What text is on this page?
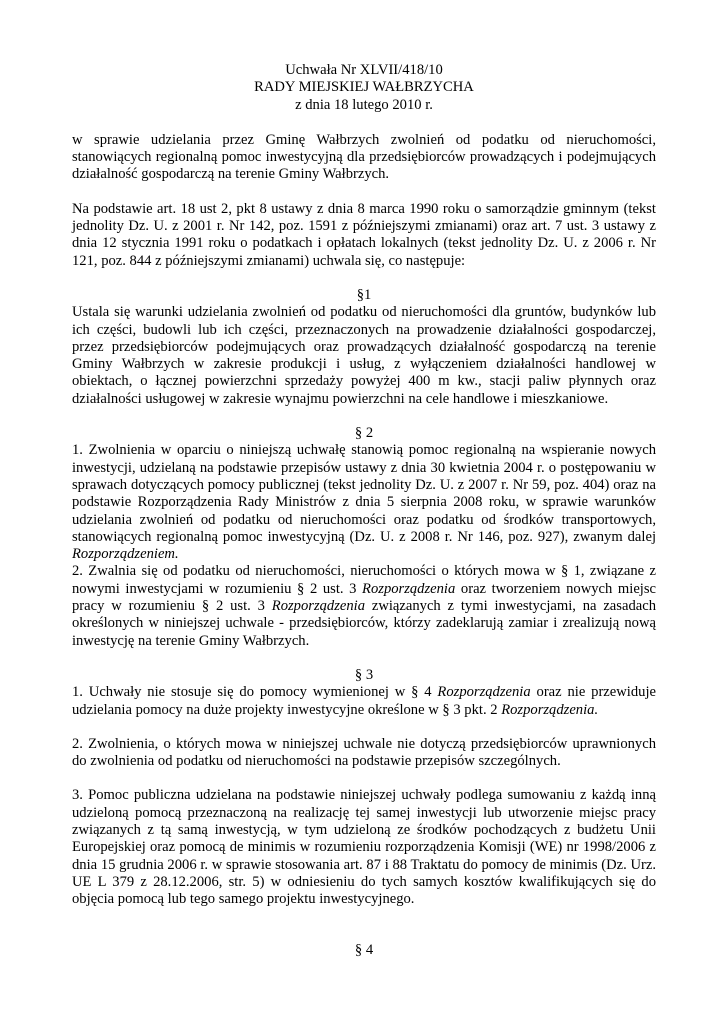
Uchwała Nr XLVII/418/10
RADY MIEJSKIEJ WAŁBRZYCHA
z dnia 18 lutego 2010 r.

w sprawie udzielania przez Gminę Wałbrzych zwolnień od podatku od nieruchomości, stanowiących regionalną pomoc inwestycyjną dla przedsiębiorców prowadzących i podejmujących działalność gospodarczą na terenie Gminy Wałbrzych.

Na podstawie art. 18 ust 2, pkt 8 ustawy z dnia 8 marca 1990 roku o samorządzie gminnym (tekst jednolity Dz. U. z 2001 r. Nr 142, poz. 1591 z późniejszymi zmianami) oraz art. 7 ust. 3 ustawy z dnia 12 stycznia 1991 roku o podatkach i opłatach lokalnych (tekst jednolity Dz. U. z 2006 r. Nr 121, poz. 844 z późniejszymi zmianami) uchwala się, co następuje:

§1

Ustala się warunki udzielania zwolnień od podatku od nieruchomości dla gruntów, budynków lub ich części, budowli lub ich części, przeznaczonych na prowadzenie działalności gospodarczej, przez przedsiębiorców podejmujących oraz prowadzących działalność gospodarczą na terenie Gminy Wałbrzych w zakresie produkcji i usług, z wyłączeniem działalności handlowej w obiektach, o łącznej powierzchni sprzedaży powyżej 400 m kw., stacji paliw płynnych oraz działalności usługowej w zakresie wynajmu powierzchni na cele handlowe i mieszkaniowe.

§ 2

1. Zwolnienia w oparciu o niniejszą uchwałę stanowią pomoc regionalną na wspieranie nowych inwestycji, udzielaną na podstawie przepisów ustawy z dnia 30 kwietnia 2004 r. o postępowaniu w sprawach dotyczących pomocy publicznej (tekst jednolity Dz. U. z 2007 r. Nr 59, poz. 404) oraz na podstawie Rozporządzenia Rady Ministrów z dnia 5 sierpnia 2008 roku, w sprawie warunków udzielania zwolnień od podatku od nieruchomości oraz podatku od środków transportowych, stanowiących regionalną pomoc inwestycyjną (Dz. U. z 2008 r. Nr 146, poz. 927), zwanym dalej Rozporządzeniem.

2. Zwalnia się od podatku od nieruchomości, nieruchomości o których mowa w § 1, związane z nowymi inwestycjami w rozumieniu § 2 ust. 3 Rozporządzenia oraz tworzeniem nowych miejsc pracy w rozumieniu § 2 ust. 3 Rozporządzenia związanych z tymi inwestycjami, na zasadach określonych w niniejszej uchwale - przedsiębiorców, którzy zadeklarują zamiar i zrealizują nową inwestycję na terenie Gminy Wałbrzych.

§ 3

1. Uchwały nie stosuje się do pomocy wymienionej w § 4 Rozporządzenia oraz nie przewiduje udzielania pomocy na duże projekty inwestycyjne określone w § 3 pkt. 2 Rozporządzenia.

2. Zwolnienia, o których mowa w niniejszej uchwale nie dotyczą przedsiębiorców uprawnionych do zwolnienia od podatku od nieruchomości na podstawie przepisów szczególnych.

3. Pomoc publiczna udzielana na podstawie niniejszej uchwały podlega sumowaniu z każdą inną udzieloną pomocą przeznaczoną na realizację tej samej inwestycji lub utworzenie miejsc pracy związanych z tą samą inwestycją, w tym udzieloną ze środków pochodzących z budżetu Unii Europejskiej oraz pomocą de minimis w rozumieniu rozporządzenia Komisji (WE) nr 1998/2006 z dnia 15 grudnia 2006 r. w sprawie stosowania art. 87 i 88 Traktatu do pomocy de minimis (Dz. Urz. UE L 379 z 28.12.2006, str. 5) w odniesieniu do tych samych kosztów kwalifikujących się do objęcia pomocą lub tego samego projektu inwestycyjnego.

§ 4
